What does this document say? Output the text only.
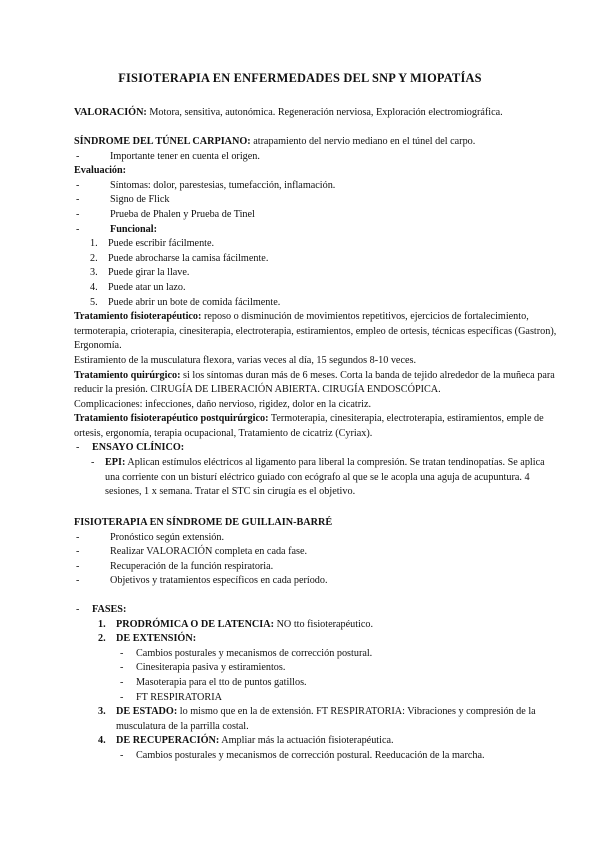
FISIOTERAPIA EN ENFERMEDADES DEL SNP Y MIOPATÍAS

VALORACIÓN: Motora, sensitiva, autonómica. Regeneración nerviosa, Exploración electromiográfica.

SÍNDROME DEL TÚNEL CARPIANO: atrapamiento del nervio mediano en el túnel del carpo.

- Importante tener en cuenta el origen.

Evaluación:

- Síntomas: dolor, parestesias, tumefacción, inflamación.

- Signo de Flick

- Prueba de Phalen y Prueba de Tinel

- Funcional:

1. Puede escribir fácilmente.

2. Puede abrocharse la camisa fácilmente.

3. Puede girar la llave.

4. Puede atar un lazo.

5. Puede abrir un bote de comida fácilmente.

Tratamiento fisioterapéutico: reposo o disminución de movimientos repetitivos, ejercicios de fortalecimiento, termoterapia, crioterapia, cinesiterapia, electroterapia, estiramientos, empleo de ortesis, técnicas específicas (Gastron), Ergonomía.

Estiramiento de la musculatura flexora, varias veces al día, 15 segundos 8-10 veces.

Tratamiento quirúrgico: si los síntomas duran más de 6 meses. Corta la banda de tejido alrededor de la muñeca para reducir la presión. CIRUGÍA DE LIBERACIÓN ABIERTA. CIRUGÍA ENDOSCÓPICA.

Complicaciones: infecciones, daño nervioso, rigidez, dolor en la cicatriz.

Tratamiento fisioterapéutico postquirúrgico: Termoterapia, cinesiterapia, electroterapia, estiramientos, emple de ortesis, ergonomía, terapia ocupacional, Tratamiento de cicatriz (Cyriax).

- ENSAYO CLÍNICO:

- EPI: Aplican estímulos eléctricos al ligamento para liberal la compresión. Se tratan tendinopatías. Se aplica una corriente con un bisturí eléctrico guiado con ecógrafo al que se le acopla una aguja de acupuntura. 4 sesiones, 1 x semana. Tratar el STC sin cirugía es el objetivo.

FISIOTERAPIA EN SÍNDROME DE GUILLAIN-BARRÉ

- Pronóstico según extensión.

- Realizar VALORACIÓN completa en cada fase.

- Recuperación de la función respiratoria.

- Objetivos y tratamientos específicos en cada período.

- FASES:

1. PRODRÓMICA O DE LATENCIA: NO tto fisioterapéutico.

2. DE EXTENSIÓN:

- Cambios posturales y mecanismos de corrección postural.

- Cinesiterapia pasiva y estiramientos.

- Masoterapia para el tto de puntos gatillos.

- FT RESPIRATORIA

3. DE ESTADO: lo mismo que en la de extensión. FT RESPIRATORIA: Vibraciones y compresión de la musculatura de la parrilla costal.

4. DE RECUPERACIÓN: Ampliar más la actuación fisioterapéutica.

- Cambios posturales y mecanismos de corrección postural. Reeducación de la marcha.
